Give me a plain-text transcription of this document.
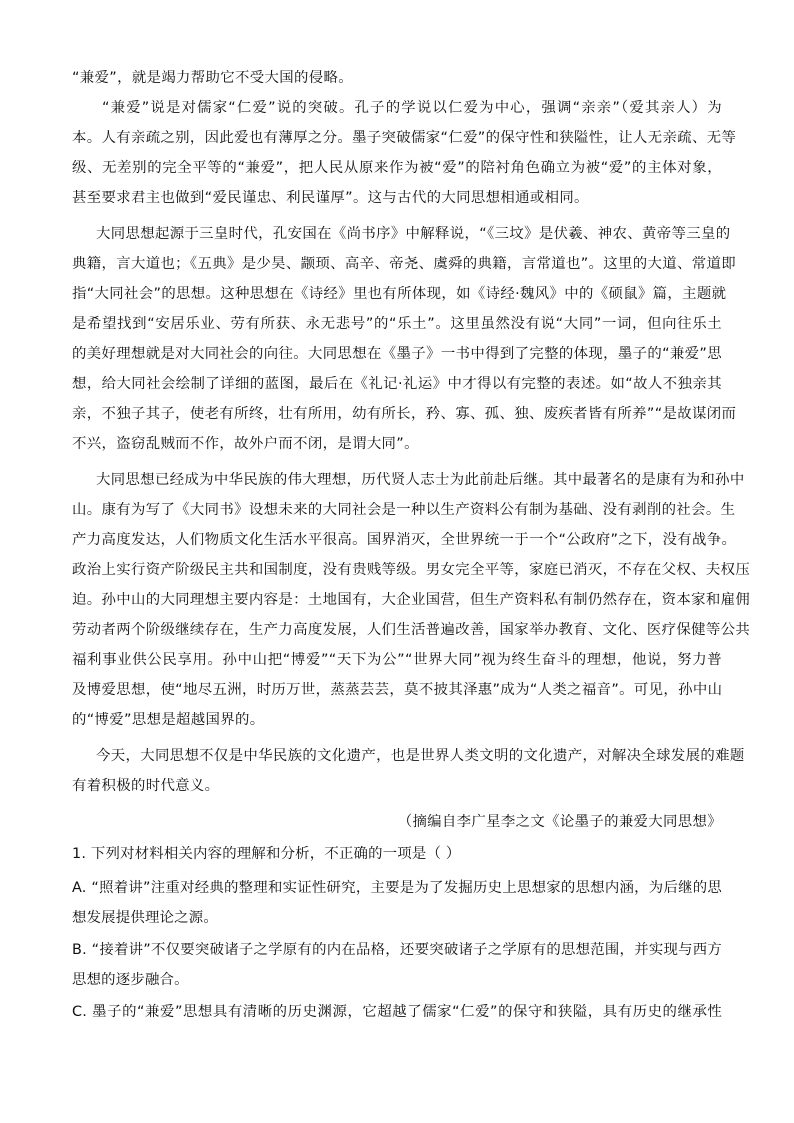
“兼爱”，就是竭力帮助它不受大国的侵略。
“兼爱”说是对儒家“仁爱”说的突破。孔子的学说以仁爱为中心，强调“亲亲”（爱其亲人）为
本。人有亲疏之别，因此爱也有薄厚之分。墨子突破儒家“仁爱”的保守性和狭隘性，让人无亲疏、无等
级、无差别的完全平等的“兼爱”，把人民从原来作为被“爱”的陪衬角色确立为被“爱”的主体对象，
甚至要求君主也做到“爱民谨忠、利民谨厚”。这与古代的大同思想相通或相同。
大同思想起源于三皇时代，孔安国在《尚书序》中解释说，“《三坟》是伏羲、神农、黄帝等三皇的
典籍，言大道也；《五典》是少昊、颛顼、高辛、帝尧、虞舜的典籍，言常道也”。这里的大道、常道即
指“大同社会”的思想。这种思想在《诗经》里也有所体现，如《诗经·魏风》中的《硕鼠》篇，主题就
是希望找到“安居乐业、劳有所获、永无悲号”的“乐土”。这里虽然没有说“大同”一词，但向往乐土
的美好理想就是对大同社会的向往。大同思想在《墨子》一书中得到了完整的体现，墨子的“兼爱”思
想，给大同社会绘制了详细的蓝图，最后在《礼记·礼运》中才得以有完整的表述。如“故人不独亲其
亲，不独子其子，使老有所终，壮有所用，幼有所长，矜、寡、孤、独、废疾者皆有所养”“是故谋闭而
不兴，盗窃乱贼而不作，故外户而不闭，是谓大同”。
大同思想已经成为中华民族的伟大理想，历代贤人志士为此前赴后继。其中最著名的是康有为和孙中
山。康有为写了《大同书》设想未来的大同社会是一种以生产资料公有制为基础、没有剥削的社会。生
产力高度发达，人们物质文化生活水平很高。国界消灭，全世界统一于一个“公政府”之下，没有战争。
政治上实行资产阶级民主共和国制度，没有贵贱等级。男女完全平等，家庭已消灭，不存在父权、夫权压
迫。孙中山的大同理想主要内容是：土地国有，大企业国营，但生产资料私有制仍然存在，资本家和雇佣
劳动者两个阶级继续存在，生产力高度发展，人们生活普遍改善，国家举办教育、文化、医疗保健等公共
福利事业供公民享用。孙中山把“博爱”“天下为公”“世界大同”视为终生奋斗的理想，他说，努力普
及博爱思想，使“地尽五洲，时历万世，蒸蒸芸芸，莫不披其泽惠”成为“人类之福音”。可见，孙中山
的“博爱”思想是超越国界的。
今天，大同思想不仅是中华民族的文化遗产，也是世界人类文明的文化遗产，对解决全球发展的难题
有着积极的时代意义。
（摘编自李广星李之文《论墨子的兼爱大同思想》
1. 下列对材料相关内容的理解和分析，不正确的一项是（ ）
A. “照着讲”注重对经典的整理和实证性研究，主要是为了发掘历史上思想家的思想内涵，为后继的思
想发展提供理论之源。
B. “接着讲”不仅要突破诸子之学原有的内在品格，还要突破诸子之学原有的思想范围，并实现与西方
思想的逐步融合。
C. 墨子的“兼爱”思想具有清晰的历史渊源，它超越了儒家“仁爱”的保守和狭隘，具有历史的继承性
